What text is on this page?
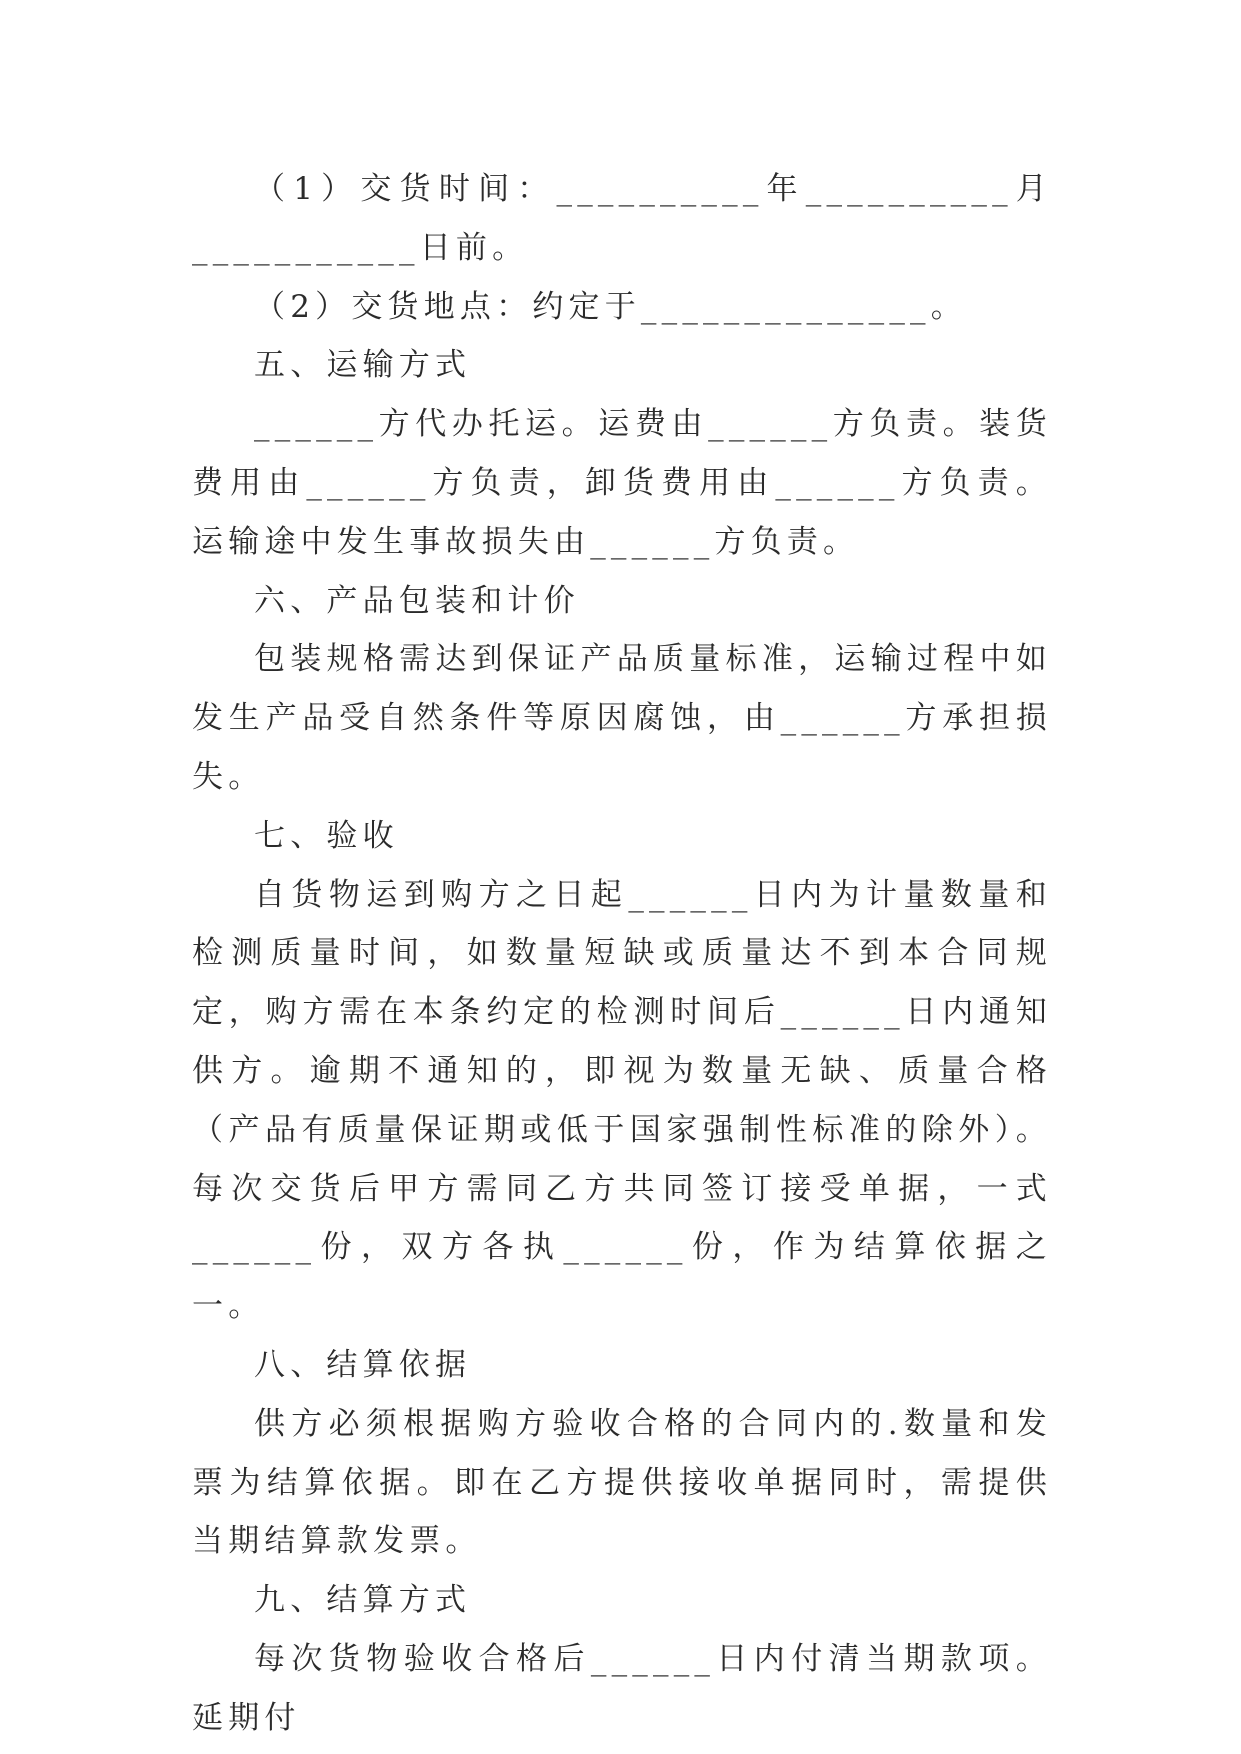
（1）交货时间：__________年__________月___________日前。

（2）交货地点：约定于______________。

五、运输方式

______方代办托运。运费由______方负责。装货费用由______方负责，卸货费用由______方负责。运输途中发生事故损失由______方负责。

六、产品包装和计价

包装规格需达到保证产品质量标准，运输过程中如发生产品受自然条件等原因腐蚀，由______方承担损失。

七、验收

自货物运到购方之日起______日内为计量数量和检测质量时间，如数量短缺或质量达不到本合同规定，购方需在本条约定的检测时间后______日内通知供方。逾期不通知的，即视为数量无缺、质量合格（产品有质量保证期或低于国家强制性标准的除外）。每次交货后甲方需同乙方共同签订接受单据，一式______份，双方各执______份，作为结算依据之一。

八、结算依据

供方必须根据购方验收合格的合同内的.数量和发票为结算依据。即在乙方提供接收单据同时，需提供当期结算款发票。

九、结算方式

每次货物验收合格后______日内付清当期款项。延期付
